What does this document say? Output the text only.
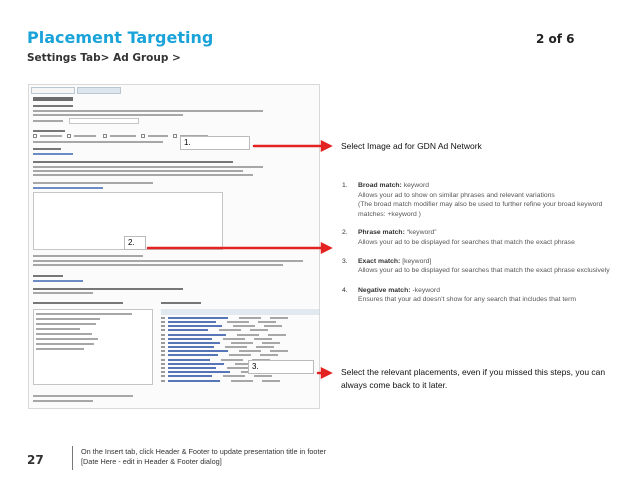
Placement Targeting	2 of 6
Settings Tab> Ad Group >
1.
2.
3.
Select Image ad for GDN Ad Network
1. Broad match: keyword
Allows your ad to show on similar phrases and relevant variations
(The broad match modifier may also be used to further refine your broad keyword matches: +keyword )
2. Phrase match: “keyword”
Allows your ad to be displayed for searches that match the exact phrase
3. Exact match: [keyword]
Allows your ad to be displayed for searches that match the exact phrase exclusively
4. Negative match: -keyword
Ensures that your ad doesn’t show for any search that includes that term
Select the relevant placements, even if you missed this steps, you can always come back to it later.
27
On the Insert tab, click Header & Footer to update presentation title in footer
[Date Here - edit in Header & Footer dialog]
